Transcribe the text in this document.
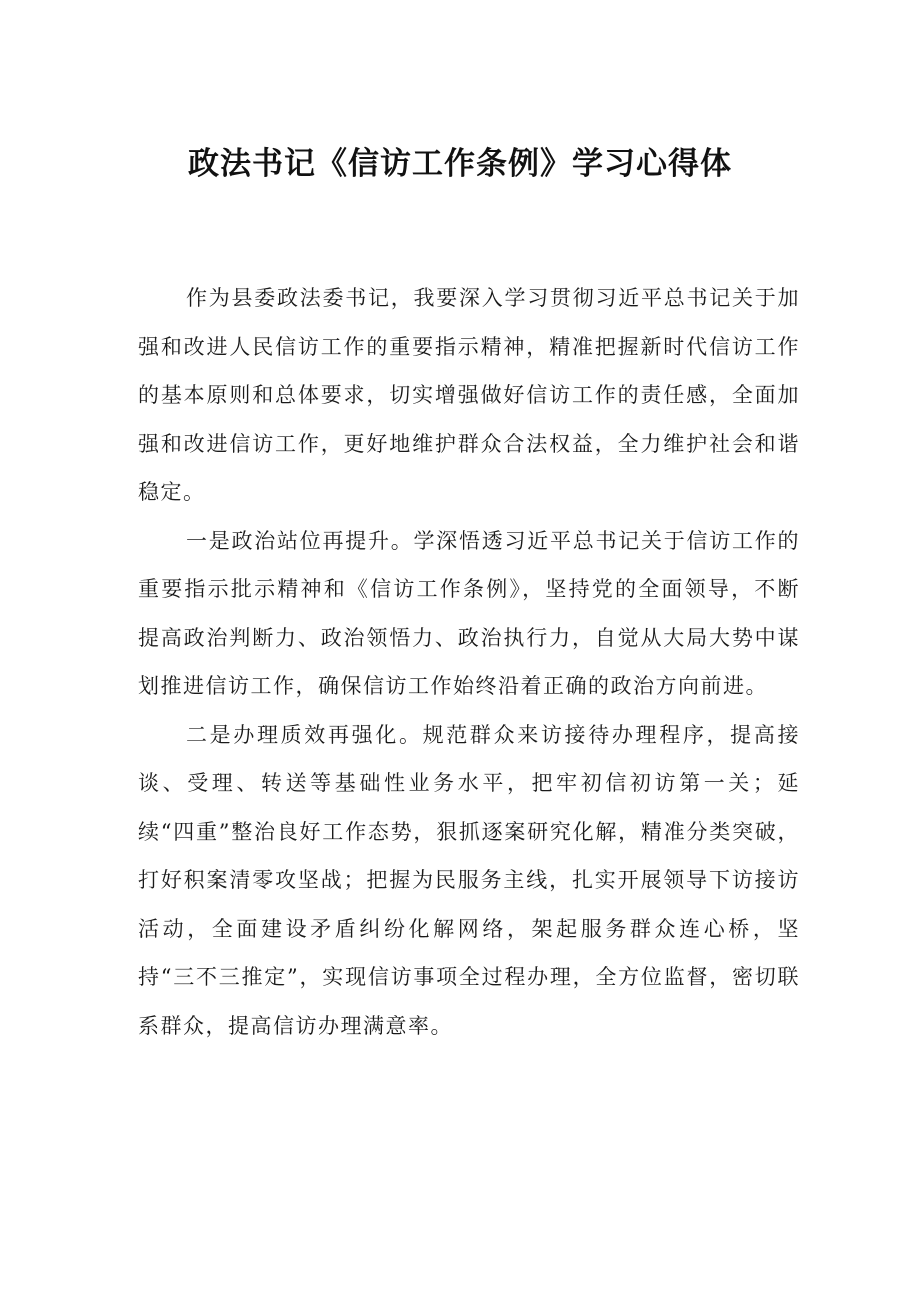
政法书记《信访工作条例》学习心得体

作为县委政法委书记，我要深入学习贯彻习近平总书记关于加强和改进人民信访工作的重要指示精神，精准把握新时代信访工作的基本原则和总体要求，切实增强做好信访工作的责任感，全面加强和改进信访工作，更好地维护群众合法权益，全力维护社会和谐稳定。

一是政治站位再提升。学深悟透习近平总书记关于信访工作的重要指示批示精神和《信访工作条例》，坚持党的全面领导，不断提高政治判断力、政治领悟力、政治执行力，自觉从大局大势中谋划推进信访工作，确保信访工作始终沿着正确的政治方向前进。

二是办理质效再强化。规范群众来访接待办理程序，提高接谈、受理、转送等基础性业务水平，把牢初信初访第一关；延续“四重”整治良好工作态势，狠抓逐案研究化解，精准分类突破，打好积案清零攻坚战；把握为民服务主线，扎实开展领导下访接访活动，全面建设矛盾纠纷化解网络，架起服务群众连心桥，坚持“三不三推定”，实现信访事项全过程办理，全方位监督，密切联系群众，提高信访办理满意率。
